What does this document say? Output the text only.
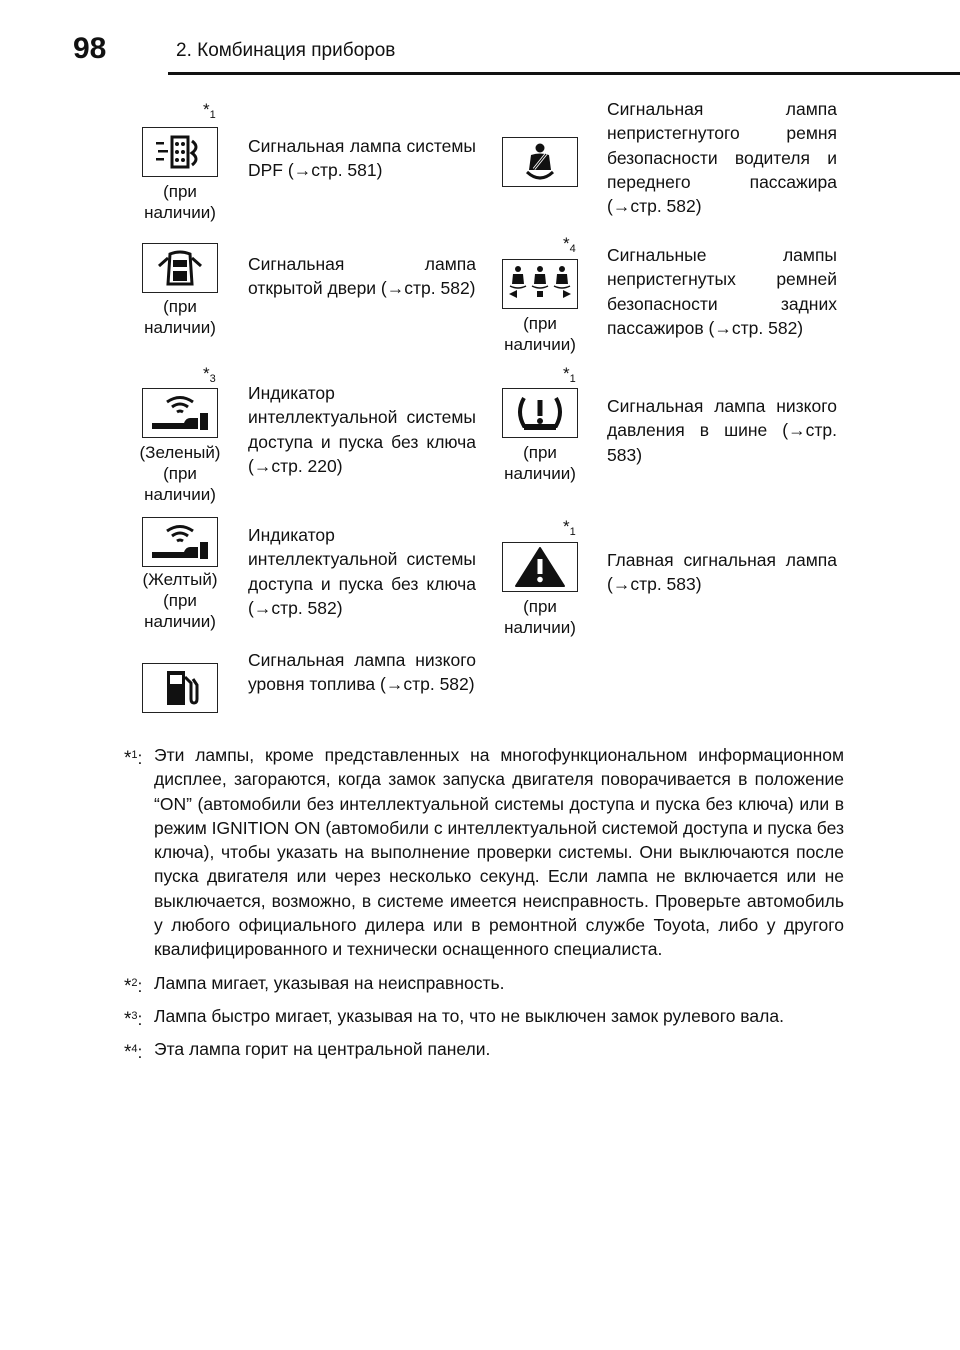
98	2. Комбинация приборов
$*_1$
(при
наличии)
Сигнальная лампа системы DPF (→стр. 581)
Сигнальная лампа непристегнутого ремня безопасности водителя и переднего пассажира (→стр. 582)
(при
наличии)
Сигнальная лампа открытой двери (→стр. 582)
$*_4$
(при
наличии)
Сигнальные лампы непристегнутых ремней безопасности задних пассажиров (→стр. 582)
$*_3$
(Зеленый)
(при
наличии)
Индикатор интеллектуальной системы доступа и пуска без ключа (→стр. 220)
$*_1$
(при
наличии)
Сигнальная лампа низкого давления в шине (→стр. 583)
(Желтый)
(при
наличии)
Индикатор интеллектуальной системы доступа и пуска без ключа (→стр. 582)
$*_1$
(при
наличии)
Главная сигнальная лампа (→стр. 583)
Сигнальная лампа низкого уровня топлива (→стр. 582)
*$^1$: Эти лампы, кроме представленных на многофункциональном информационном дисплее, загораются, когда замок запуска двигателя поворачивается в положение “ON” (автомобили без интеллектуальной системы доступа и пуска без ключа) или в режим IGNITION ON (автомобили с интеллектуальной системой доступа и пуска без ключа), чтобы указать на выполнение проверки системы. Они выключаются после пуска двигателя или через несколько секунд. Если лампа не включается или не выключается, возможно, в системе имеется неисправность. Проверьте автомобиль у любого официального дилера или в ремонтной службе Toyota, либо у другого квалифицированного и технически оснащенного специалиста.
*$^2$: Лампа мигает, указывая на неисправность.
*$^3$: Лампа быстро мигает, указывая на то, что не выключен замок рулевого вала.
*$^4$: Эта лампа горит на центральной панели.
